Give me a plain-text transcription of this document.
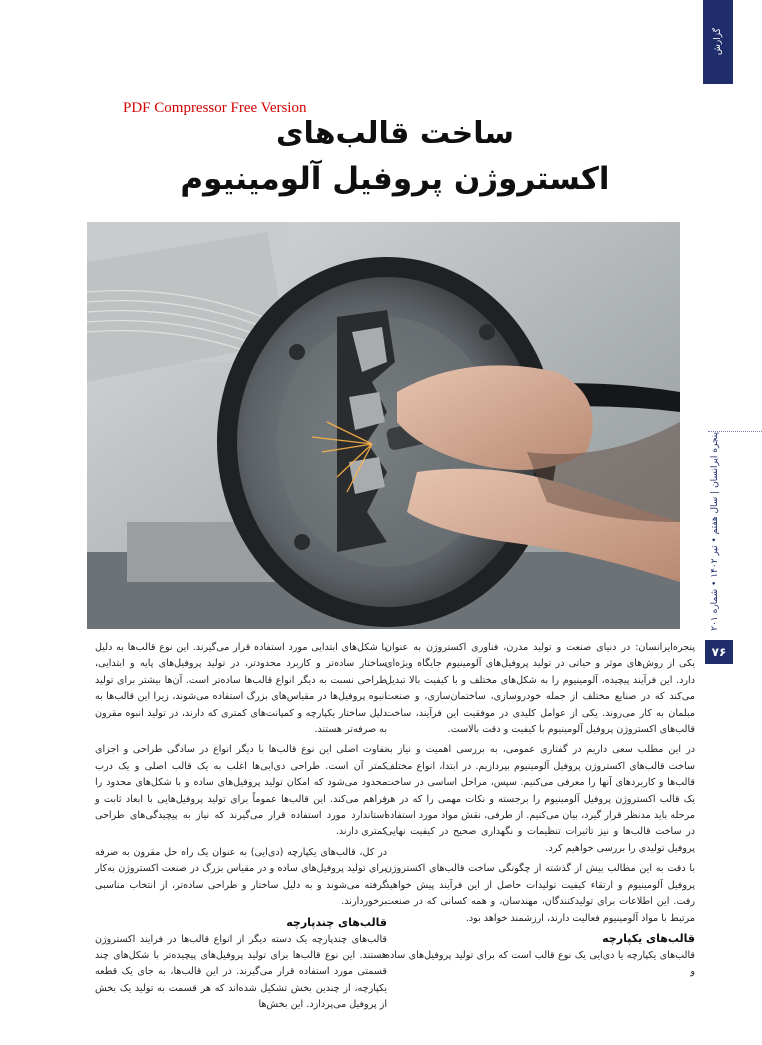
گزارش
PDF Compressor Free Version
ساخت قالب‌های
اکستروژن پروفیل آلومینیوم
پنجره ایرانسان | سال هفتم • تیر ۱۴۰۲ • شماره ۲۰۱
۷۶

پنجره‌ایرانسان: در دنیای صنعت و تولید مدرن، فناوری اکستروژن به عنوان یکی از روش‌های موثر و حیاتی در تولید پروفیل‌های آلومینیوم جایگاه ویژه‌ای دارد. این فرآیند پیچیده، آلومینیوم را به شکل‌های مختلف و با کیفیت بالا تبدیل می‌کند که در صنایع مختلف از جمله خودروسازی، ساختمان‌سازی، و صنعت مبلمان به کار می‌روند. یکی از عوامل کلیدی در موفقیت این فرآیند، ساخت قالب‌های اکستروژن پروفیل آلومینیوم با کیفیت و دقت بالاست.

در این مطلب سعی داریم در گفتاری عمومی، به بررسی اهمیت و نیاز به ساخت قالب‌های اکستروژن پروفیل آلومینیوم بپردازیم. در ابتدا، انواع مختلف قالب‌ها و کاربردهای آنها را معرفی می‌کنیم. سپس، مراحل اساسی در ساخت یک قالب اکستروژن پروفیل آلومینیوم را برجسته و نکات مهمی را که در هر مرحله باید مدنظر قرار گیرد، بیان می‌کنیم. از طرفی، نقش مواد مورد استفاده در ساخت قالب‌ها و نیز تاثیرات تنظیمات و نگهداری صحیح در کیفیت نهایی پروفیل تولیدی را بررسی خواهیم کرد.

با دقت به این مطالب بیش از گذشته از چگونگی ساخت قالب‌های اکستروژن پروفیل آلومینیوم و ارتقاء کیفیت تولیدات حاصل از این فرآیند پیش خواهید رفت. این اطلاعات برای تولیدکنندگان، مهندسان، و همه کسانی که در صنعت مرتبط با مواد آلومینیوم فعالیت دارند، ارزشمند خواهد بود.

قالب‌های یکپارچه

قالب‌های یکپارچه یا دی‌ایی یک نوع قالب است که برای تولید پروفیل‌های ساده و

با شکل‌های ابتدایی مورد استفاده قرار می‌گیرند. این نوع قالب‌ها به دلیل ساختار ساده‌تر و کاربرد محدودتر، در تولید پروفیل‌های پایه و ابتدایی، طراحی نسبت به دیگر انواع قالب‌ها ساده‌تر است. آن‌ها بیشتر برای تولید انبوه پروفیل‌ها در مقیاس‌های بزرگ استفاده می‌شوند، زیرا این قالب‌ها به دلیل ساختار یکپارچه و کمپانت‌های کمتری که دارند، در تولید انبوه مقرون به صرفه‌تر هستند.

تفاوت اصلی این نوع قالب‌ها با دیگر انواع در سادگی طراحی و اجزای کمتر آن است. طراحی دی‌ایی‌ها اغلب به یک قالب اصلی و یک درب محدود می‌شود که امکان تولید پروفیل‌های ساده و با شکل‌های محدود را فراهم می‌کند. این قالب‌ها عموماً برای تولید پروفیل‌هایی با ابعاد ثابت و استاندارد مورد استفاده قرار می‌گیرند که نیاز به پیچیدگی‌های طراحی کمتری دارند.

در کل، قالب‌های یکپارچه (دی‌ایی) به عنوان یک راه حل مقرون به صرفه برای تولید پروفیل‌های ساده و در مقیاس بزرگ در صنعت اکستروژن به‌کار گرفته می‌شوند و به دلیل ساختار و طراحی ساده‌تر، از انتخاب مناسبی برخوردارند.

قالب‌های چندپارچه

قالب‌های چندپارچه یک دسته دیگر از انواع قالب‌ها در فرایند اکستروژن هستند. این نوع قالب‌ها برای تولید پروفیل‌های پیچیده‌تر با شکل‌های چند قسمتی مورد استفاده قرار می‌گیرند. در این قالب‌ها، به جای یک قطعه یکپارچه، از چندین بخش تشکیل شده‌اند که هر قسمت به تولید یک بخش از پروفیل می‌پردازد. این بخش‌ها
